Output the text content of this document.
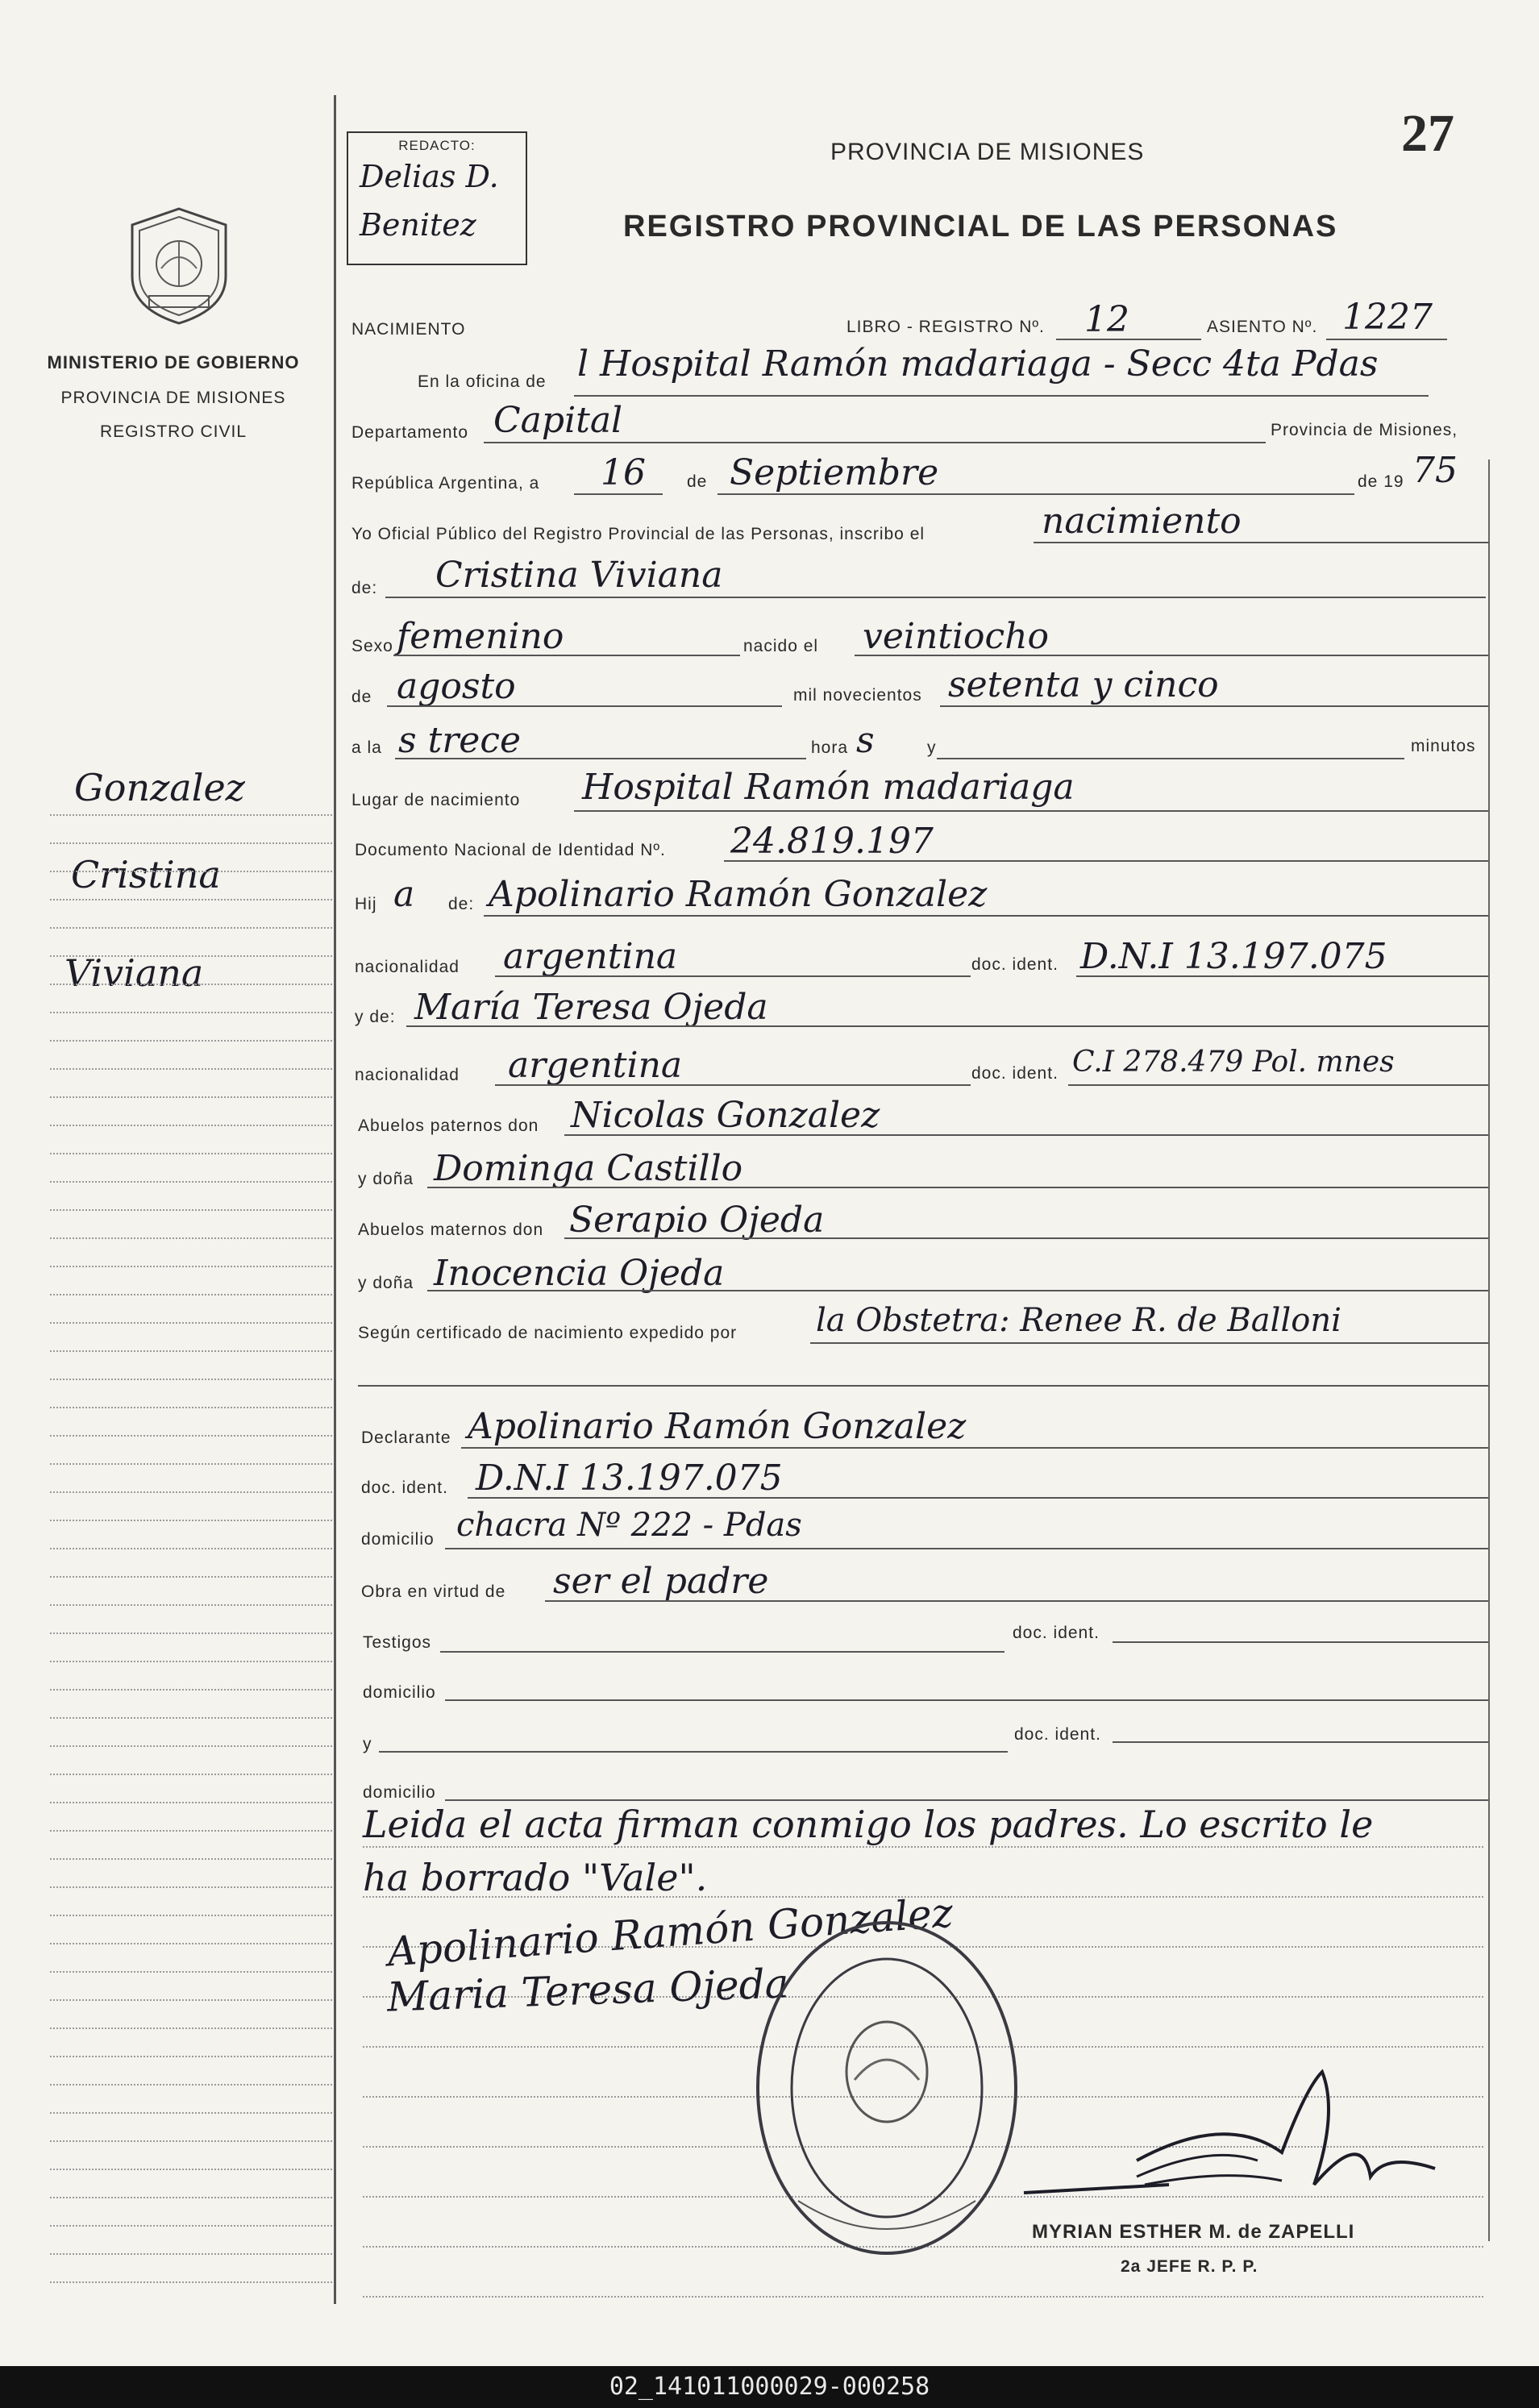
MINISTERIO DE GOBIERNO
PROVINCIA DE MISIONES
REGISTRO CIVIL
Gonzalez
Cristina
Viviana
REDACTO:
Delias D.
Benitez
PROVINCIA DE MISIONES
REGISTRO PROVINCIAL DE LAS PERSONAS
27
NACIMIENTO	LIBRO - REGISTRO Nº. 12	ASIENTO Nº. 1227
En la oficina de l Hospital Ramón madariaga - Secc 4ta Pdas
Departamento Capital	Provincia de Misiones,
República Argentina, a 16 de Septiembre	de 19 75
Yo Oficial Público del Registro Provincial de las Personas, inscribo el	nacimiento
de: Cristina Viviana
Sexo femenino	nacido el veintiocho
de agosto	mil novecientos setenta y cinco
a la s trece	hora s	y	minutos
Lugar de nacimiento Hospital Ramón madariaga
Documento Nacional de Identidad Nº. 24.819.197
Hij a de: Apolinario Ramón Gonzalez
nacionalidad argentina	doc. ident. D.N.I 13.197.075
y de: María Teresa Ojeda
nacionalidad argentina	doc. ident. C.I 278.479 Pol. mnes
Abuelos paternos don Nicolas Gonzalez
y doña Dominga Castillo
Abuelos maternos don Serapio Ojeda
y doña Inocencia Ojeda
Según certificado de nacimiento expedido por la Obstetra: Renee R. de Balloni
Declarante Apolinario Ramón Gonzalez
doc. ident. D.N.I 13.197.075
domicilio chacra Nº 222 - Pdas
Obra en virtud de ser el padre
Testigos
doc. ident.
domicilio
y
doc. ident.
domicilio
Leida el acta firman conmigo los padres. Lo escrito le
ha borrado "Vale".
Apolinario Ramón Gonzalez
Maria Teresa Ojeda
MYRIAN ESTHER M. de ZAPELLI
2a JEFE R. P. P.
02_141011000029-000258
